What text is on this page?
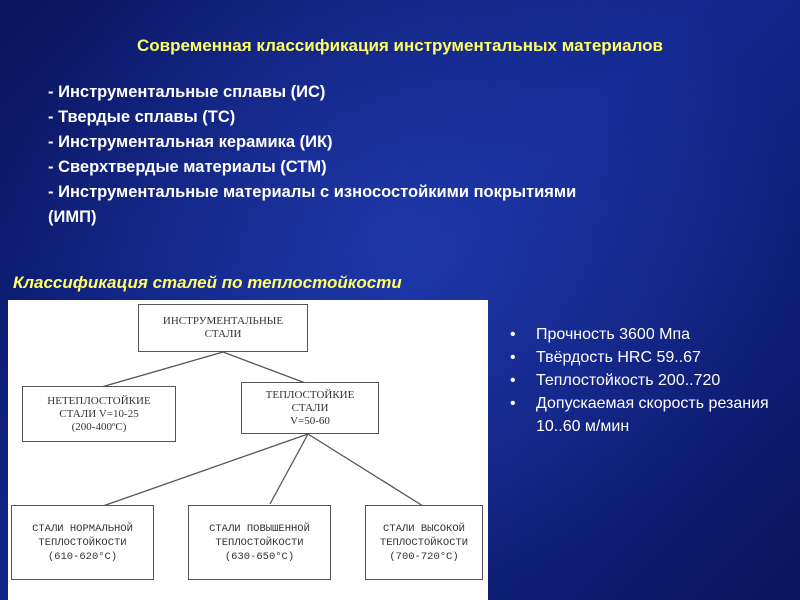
Современная классификация инструментальных материалов
- Инструментальные сплавы (ИС)
- Твердые сплавы (ТС)
- Инструментальная керамика (ИК)
- Сверхтвердые материалы (СТМ)
- Инструментальные материалы с износостойкими покрытиями
(ИМП)
Классификация сталей по теплостойкости
ИНСТРУМЕНТАЛЬНЫЕ
СТАЛИ
НЕТЕПЛОСТОЙКИЕ
СТАЛИ V=10-25
(200-400ºС)
ТЕПЛОСТОЙКИЕ
СТАЛИ
V=50-60
СТАЛИ НОРМАЛЬНОЙ
ТЕПЛОСТОЙКОСТИ
(610-620°С)
СТАЛИ ПОВЫШЕННОЙ
ТЕПЛОСТОЙКОСТИ
(630-650°С)
СТАЛИ ВЫСОКОЙ
ТЕПЛОСТОЙКОСТИ
(700-720°С)
• Прочность 3600 Мпа
• Твёрдость HRC 59..67
• Теплостойкость 200..720
• Допускаемая скорость резания 10..60 м/мин
